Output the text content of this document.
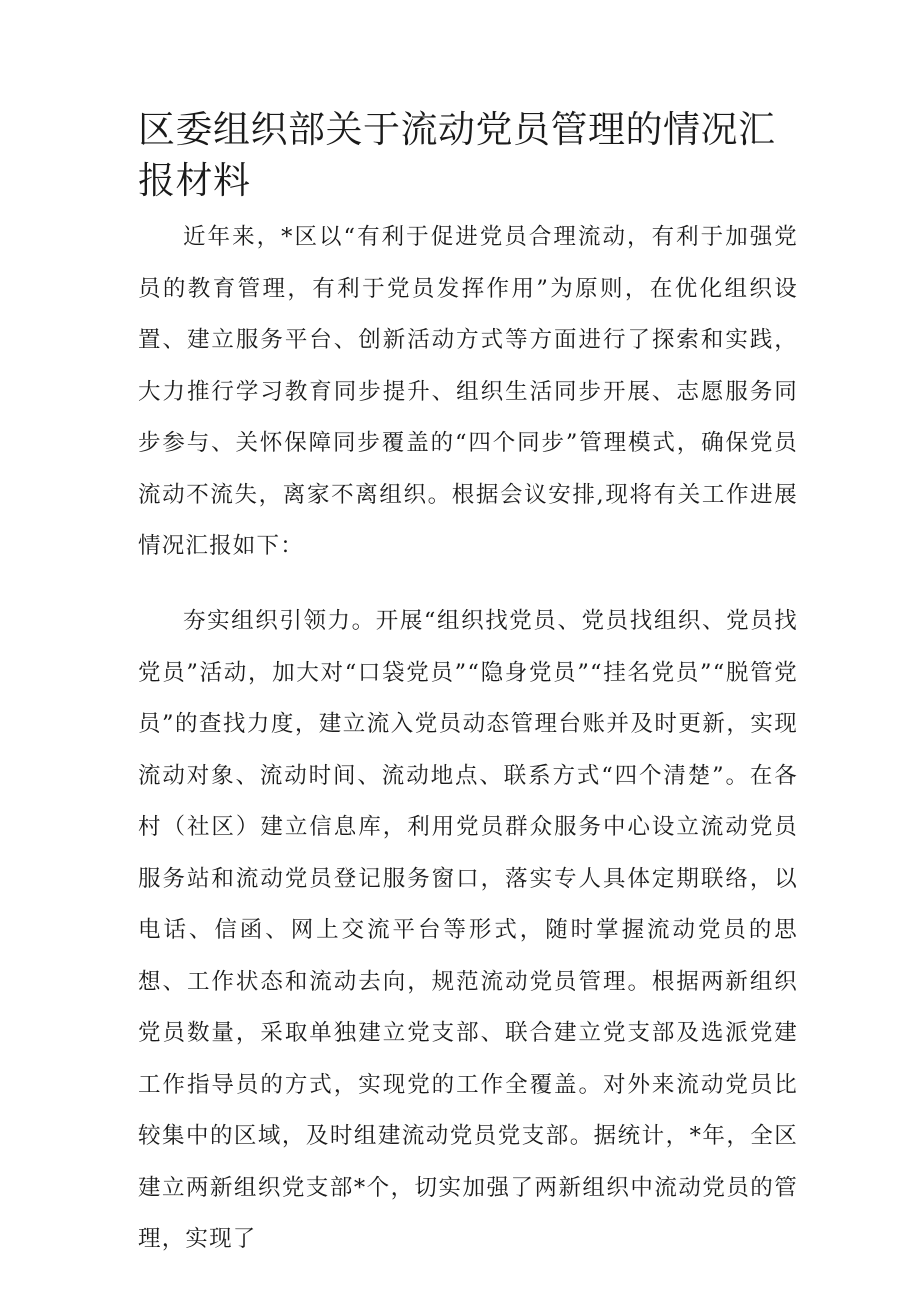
区委组织部关于流动党员管理的情况汇报材料

近年来，*区以“有利于促进党员合理流动，有利于加强党员的教育管理，有利于党员发挥作用”为原则，在优化组织设置、建立服务平台、创新活动方式等方面进行了探索和实践，大力推行学习教育同步提升、组织生活同步开展、志愿服务同步参与、关怀保障同步覆盖的“四个同步”管理模式，确保党员流动不流失，离家不离组织。根据会议安排,现将有关工作进展情况汇报如下：

夯实组织引领力。开展“组织找党员、党员找组织、党员找党员”活动，加大对“口袋党员”“隐身党员”“挂名党员”“脱管党员”的查找力度，建立流入党员动态管理台账并及时更新，实现流动对象、流动时间、流动地点、联系方式“四个清楚”。在各村（社区）建立信息库，利用党员群众服务中心设立流动党员服务站和流动党员登记服务窗口，落实专人具体定期联络，以电话、信函、网上交流平台等形式，随时掌握流动党员的思想、工作状态和流动去向，规范流动党员管理。根据两新组织党员数量，采取单独建立党支部、联合建立党支部及选派党建工作指导员的方式，实现党的工作全覆盖。对外来流动党员比较集中的区域，及时组建流动党员党支部。据统计，*年，全区建立两新组织党支部*个，切实加强了两新组织中流动党员的管理，实现了
